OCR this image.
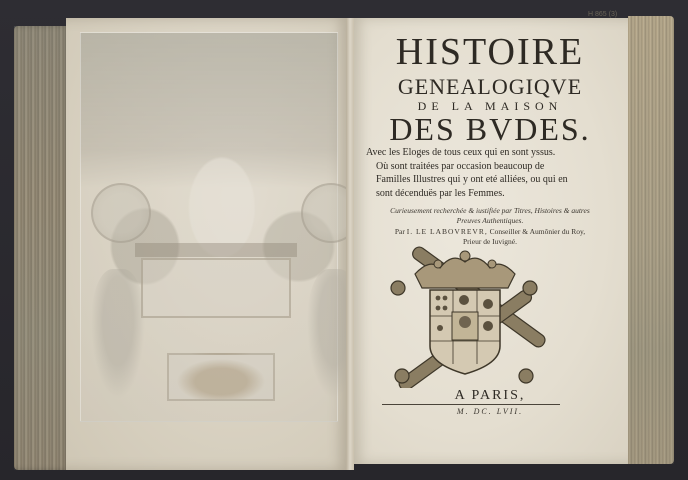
H 865 (3)
HISTOIRE
GENEALOGIQVE
DE LA MAISON
DES BVDES.
Avec les Eloges de tous ceux qui en sont yssus.
Où sont traitées par occasion beaucoup de
Familles Illustres qui y ont eté alliées, ou qui en
sont décenduës par les Femmes.
Curieusement recherchée & iustifiée par Titres, Histoires & autres
Preuves Authentiques.
Par I. LE LABOVREVR, Conseiller & Aumônier du Roy,
Prieur de Iuvigné.
A PARIS,
M. DC. LVII.
